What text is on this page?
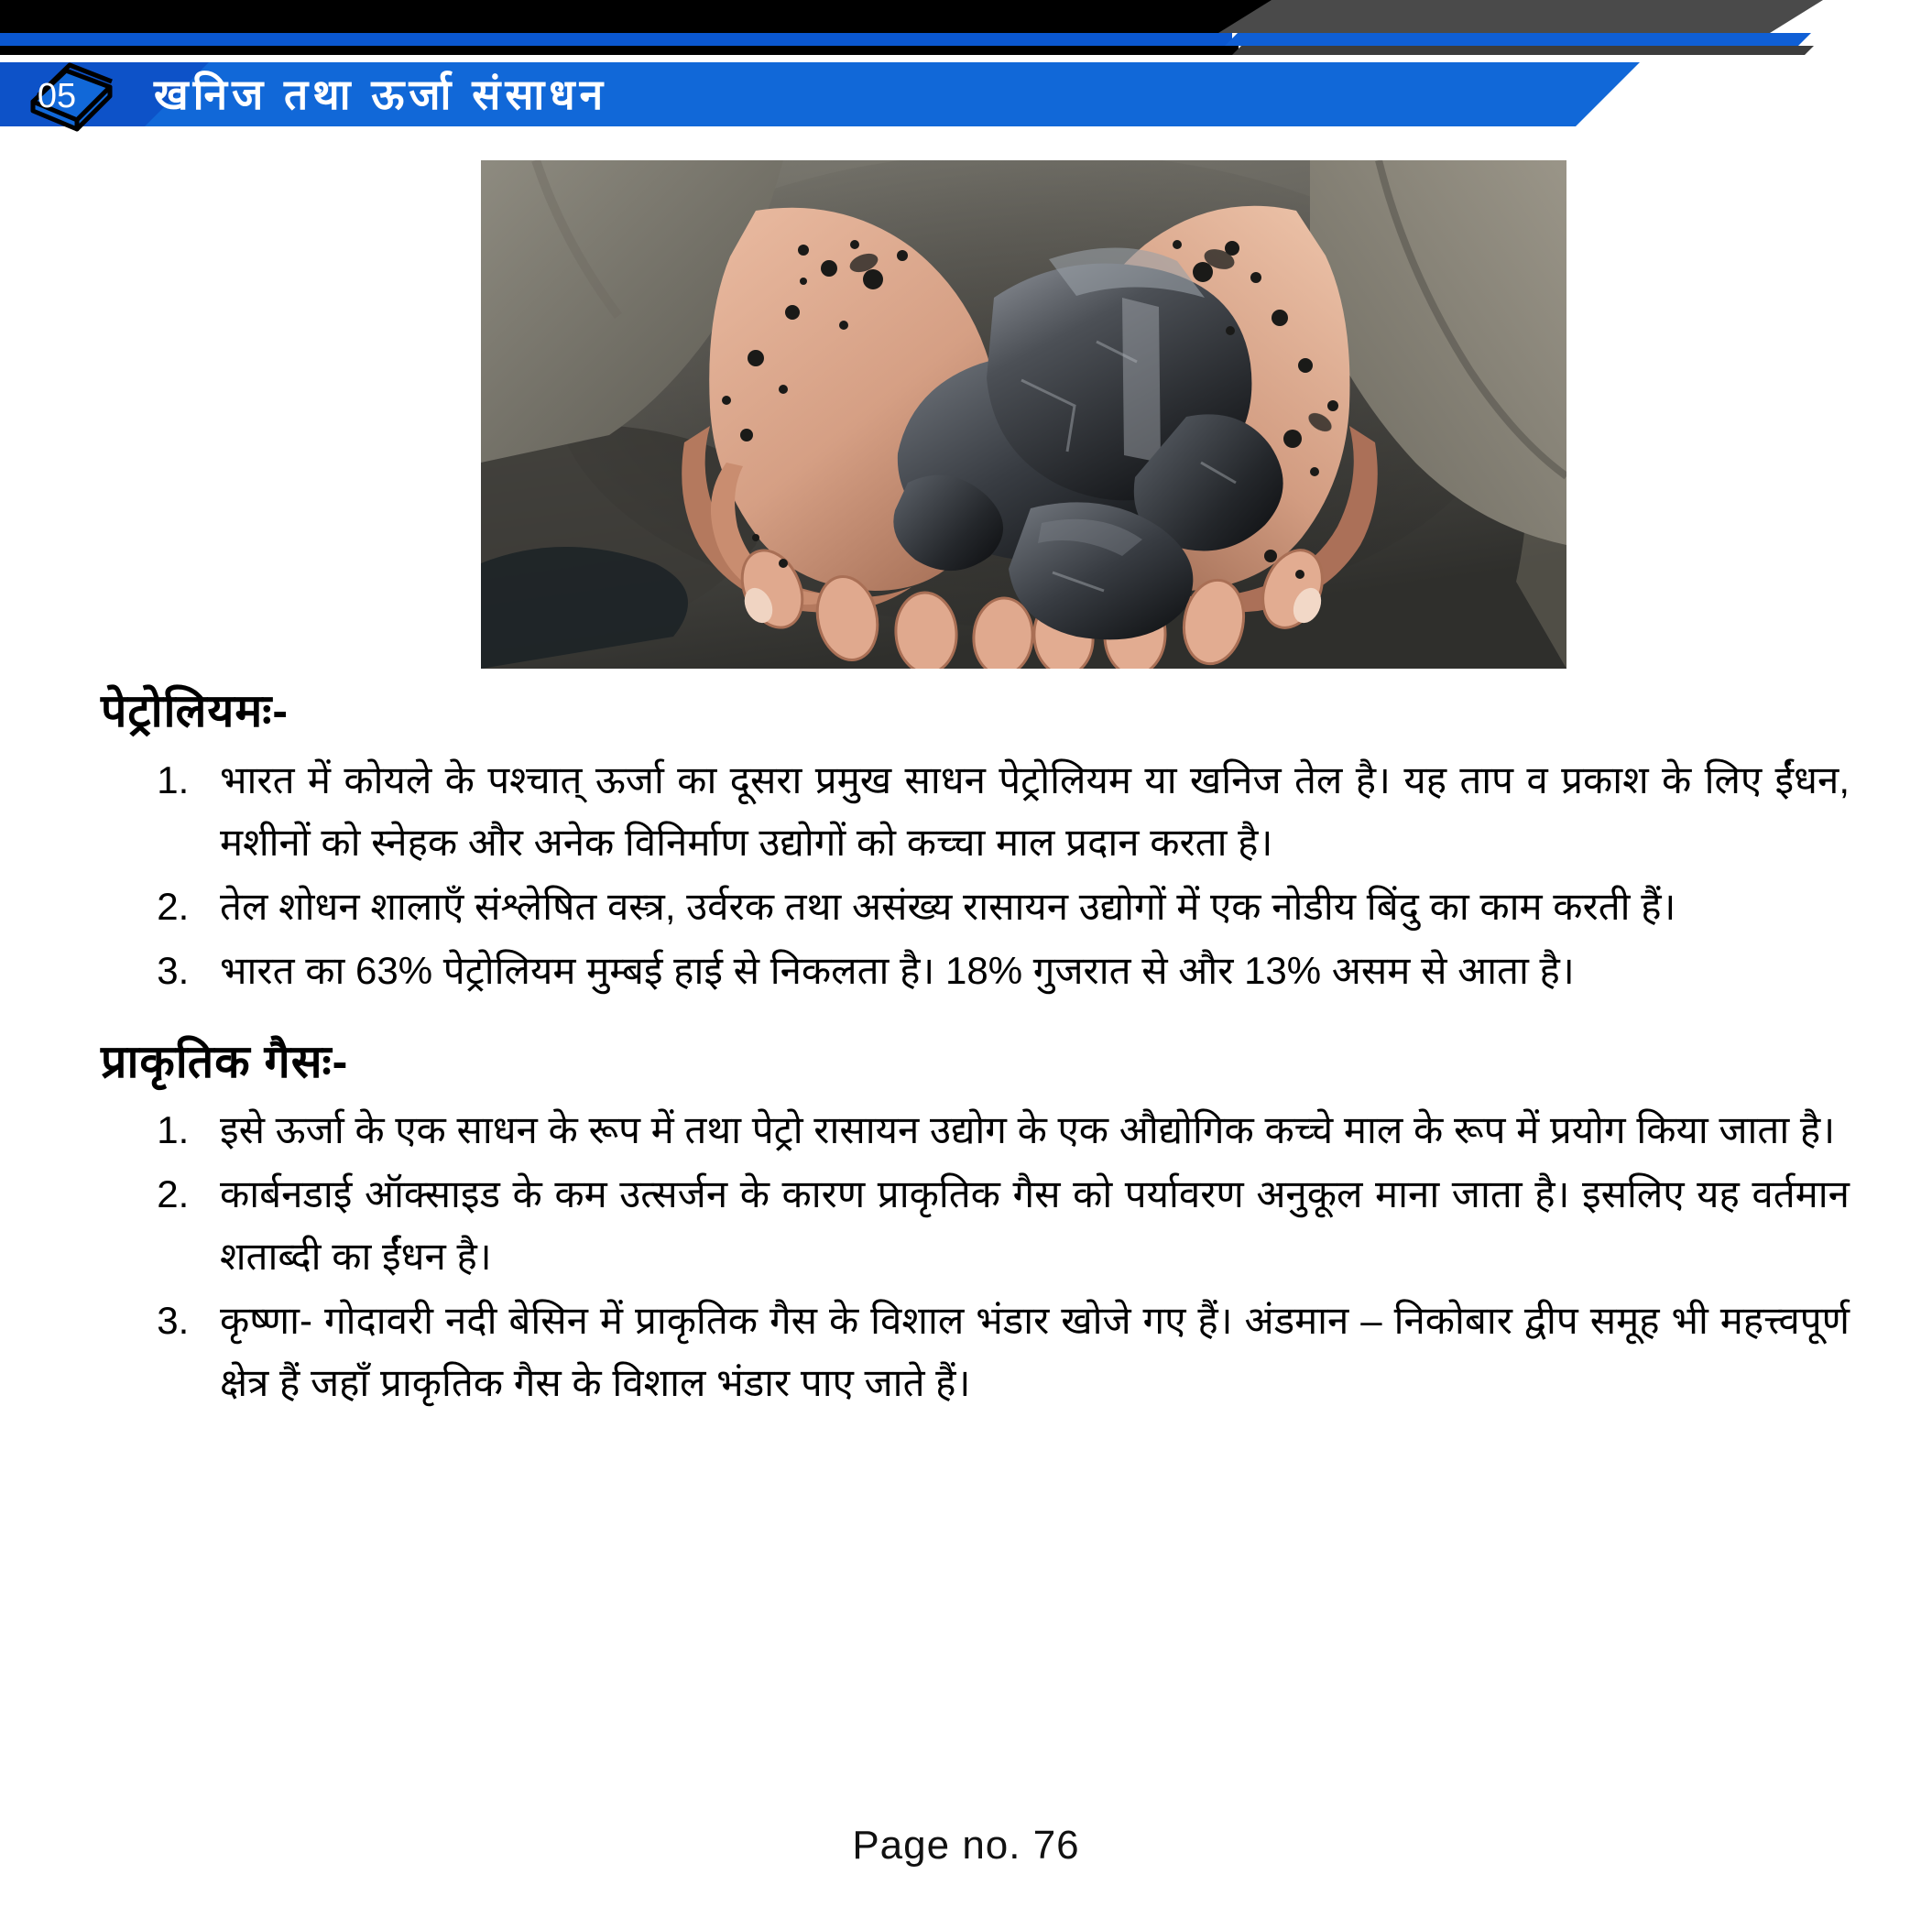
05 खनिज तथा ऊर्जा संसाधन
पेट्रोलियमः-
1. भारत में कोयले के पश्चात् ऊर्जा का दूसरा प्रमुख साधन पेट्रोलियम या खनिज तेल है। यह ताप व प्रकाश के लिए ईंधन, मशीनों को स्नेहक और अनेक विनिर्माण उद्योगों को कच्चा माल प्रदान करता है।
2. तेल शोधन शालाएँ संश्लेषित वस्त्र, उर्वरक तथा असंख्य रासायन उद्योगों में एक नोडीय बिंदु का काम करती हैं।
3. भारत का 63% पेट्रोलियम मुम्बई हाई से निकलता है। 18% गुजरात से और 13% असम से आता है।
प्राकृतिक गैसः-
1. इसे ऊर्जा के एक साधन के रूप में तथा पेट्रो रासायन उद्योग के एक औद्योगिक कच्चे माल के रूप में प्रयोग किया जाता है।
2. कार्बनडाई ऑक्साइड के कम उत्सर्जन के कारण प्राकृतिक गैस को पर्यावरण अनुकूल माना जाता है। इसलिए यह वर्तमान शताब्दी का ईंधन है।
3. कृष्णा- गोदावरी नदी बेसिन में प्राकृतिक गैस के विशाल भंडार खोजे गए हैं। अंडमान – निकोबार द्वीप समूह भी महत्त्वपूर्ण क्षेत्र हैं जहाँ प्राकृतिक गैस के विशाल भंडार पाए जाते हैं।
Page no. 76
